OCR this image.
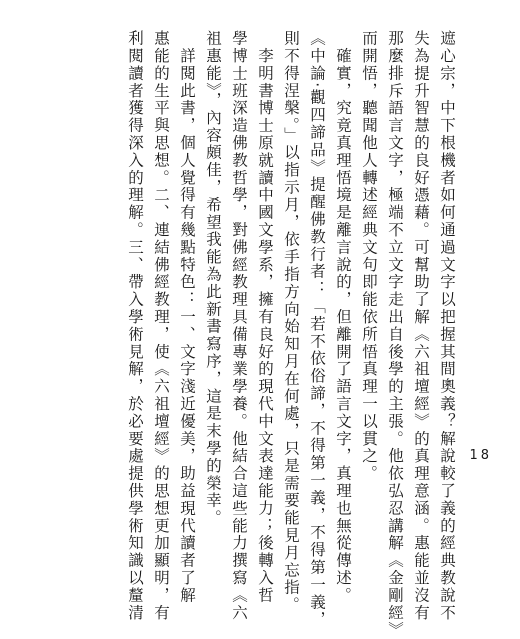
遮心宗，中下根機者如何通過文字以把握其間奧義？解說較了義的經典教說不
失為提升智慧的良好憑藉。可幫助了解《六祖壇經》的真理意涵。惠能並沒有
那麼排斥語言文字，極端不立文字走出自後學的主張。他依弘忍講解《金剛經》
而開悟，聽聞他人轉述經典文句即能依所悟真理一以貫之。
　確實，究竟真理悟境是離言說的，但離開了語言文字，真理也無從傳述。
《中論‧觀四諦品》提醒佛教行者：「若不依俗諦，不得第一義，不得第一義，
則不得涅槃。」以指示月，依手指方向始知月在何處，只是需要能見月忘指。
　李明書博士原就讀中國文學系，擁有良好的現代中文表達能力；後轉入哲
學博士班深造佛教哲學，對佛經教理具備專業學養。他結合這些能力撰寫《六
祖惠能》，內容頗佳，希望我能為此新書寫序，這是末學的榮幸。
　詳閱此書，個人覺得有幾點特色：一、文字淺近優美，助益現代讀者了解
惠能的生平與思想。二、連結佛經教理，使《六祖壇經》的思想更加顯明，有
利閱讀者獲得深入的理解。三、帶入學術見解，於必要處提供學術知識以釐清	18
